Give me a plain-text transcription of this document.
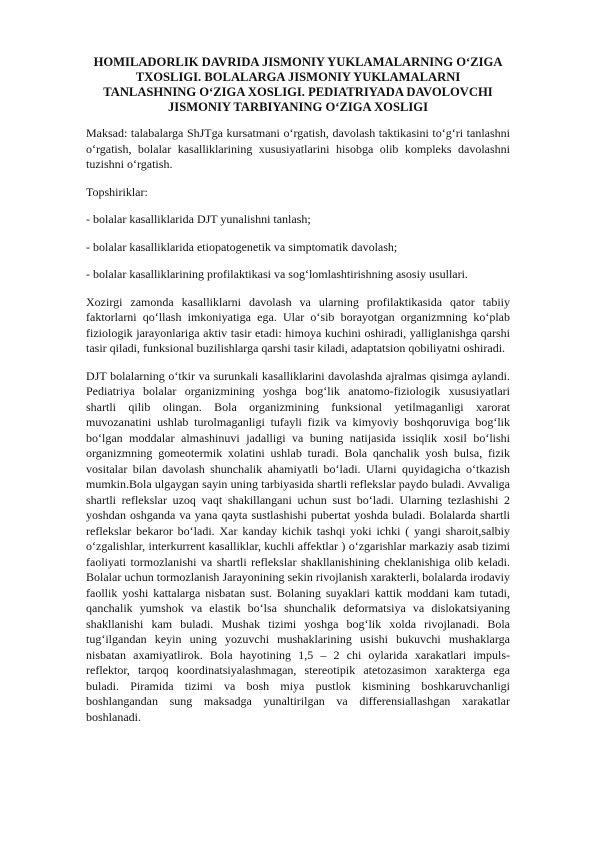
HOMILADORLIK DAVRIDA JISMONIY YUKLAMALARNING O‘ZIGA
TXOSLIGI. BOLALARGA JISMONIY YUKLAMALARNI
TANLASHNING O‘ZIGA XOSLIGI. PEDIATRIYADA DAVOLOVCHI
JISMONIY TARBIYANING O‘ZIGA XOSLIGI

Maksad: talabalarga ShJTga kursatmani o‘rgatish, davolash taktikasini to‘g‘ri tanlashni o‘rgatish, bolalar kasalliklarining xususiyatlarini hisobga olib kompleks davolashni tuzishni o‘rgatish.

Topshiriklar:

- bolalar kasalliklarida DJT yunalishni tanlash;

- bolalar kasalliklarida etiopatogenetik va simptomatik davolash;

- bolalar kasalliklarining profilaktikasi va sog‘lomlashtirishning asosiy usullari.

Xozirgi zamonda kasalliklarni davolash va ularning profilaktikasida qator tabiiy faktorlarni qo‘llash imkoniyatiga ega. Ular o‘sib borayotgan organizmning ko‘plab fiziologik jarayonlariga aktiv tasir etadi: himoya kuchini oshiradi, yalliglanishga qarshi tasir qiladi, funksional buzilishlarga qarshi tasir kiladi, adaptatsion qobiliyatni oshiradi.

DJT bolalarning o‘tkir va surunkali kasalliklarini davolashda ajralmas qisimga aylandi. Pediatriya bolalar organizmining yoshga bog‘lik anatomo-fiziologik xususiyatlari shartli qilib olingan. Bola organizmining funksional yetilmaganligi xarorat muvozanatini ushlab turolmaganligi tufayli fizik va kimyoviy boshqoruviga bog‘lik bo‘lgan moddalar almashinuvi jadalligi va buning natijasida issiqlik xosil bo‘lishi organizmning gomeotermik xolatini ushlab turadi. Bola qanchalik yosh bulsa, fizik vositalar bilan davolash shunchalik ahamiyatli bo‘ladi. Ularni quyidagicha o‘tkazish mumkin.Bola ulgaygan sayin uning tarbiyasida shartli reflekslar paydo buladi. Avvaliga shartli reflekslar uzoq vaqt shakillangani uchun sust bo‘ladi. Ularning tezlashishi 2 yoshdan oshganda va yana qayta sustlashishi pubertat yoshda buladi. Bolalarda shartli reflekslar bekaror bo‘ladi. Xar kanday kichik tashqi yoki ichki ( yangi sharoit,salbiy o‘zgalishlar, interkurrent kasalliklar, kuchli affektlar ) o‘zgarishlar markaziy asab tizimi faoliyati tormozlanishi va shartli reflekslar shakllanishining cheklanishiga olib keladi. Bolalar uchun tormozlanish Jarayonining sekin rivojlanish xarakterli, bolalarda irodaviy faollik yoshi kattalarga nisbatan sust. Bolaning suyaklari kattik moddani kam tutadi, qanchalik yumshok va elastik bo‘lsa shunchalik deformatsiya va dislokatsiyaning shakllanishi kam buladi. Mushak tizimi yoshga bog‘lik xolda rivojlanadi. Bola tug‘ilgandan keyin uning yozuvchi mushaklarining usishi bukuvchi mushaklarga nisbatan axamiyatlirok. Bola hayotining 1,5 – 2 chi oylarida xarakatlari impuls-reflektor, tarqoq koordinatsiyalashmagan, stereotipik atetozasimon xarakterga ega buladi. Piramida tizimi va bosh miya pustlok kismining boshkaruvchanligi boshlangandan sung maksadga yunaltirilgan va differensiallashgan xarakatlar boshlanadi.
